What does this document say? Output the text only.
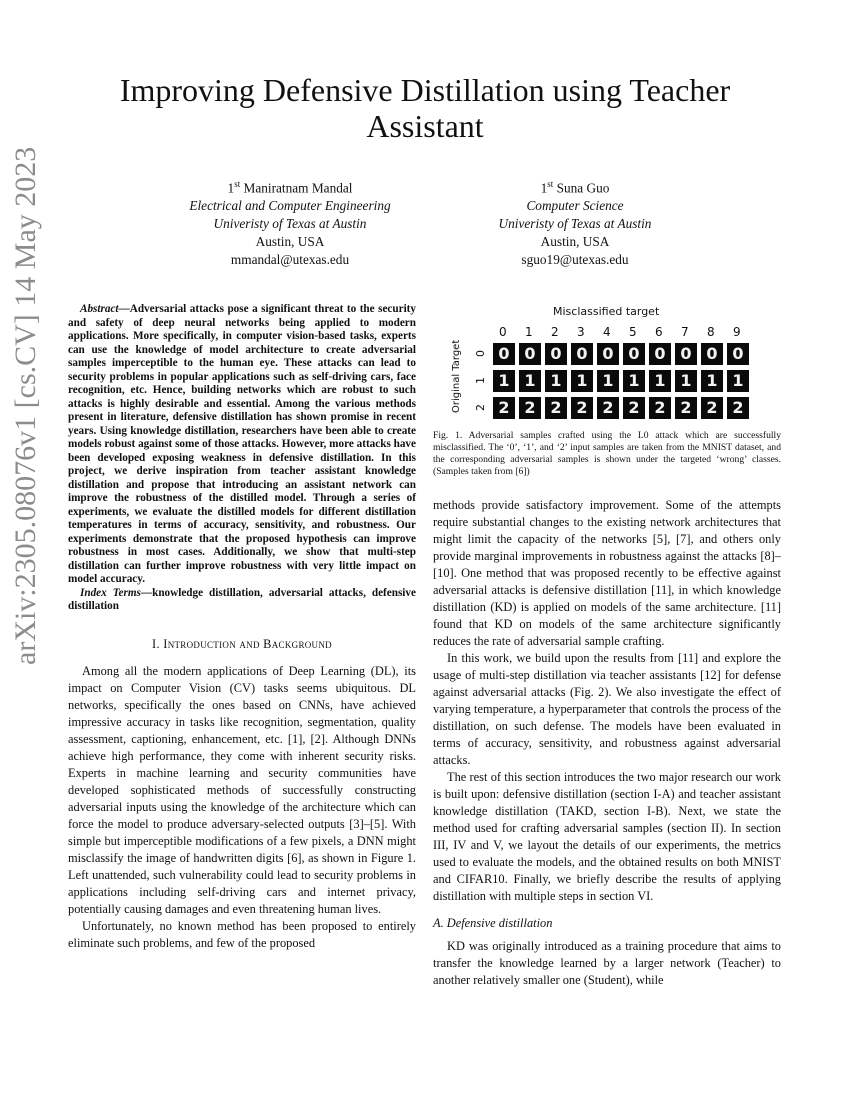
arXiv:2305.08076v1 [cs.CV] 14 May 2023
Improving Defensive Distillation using Teacher Assistant
1st Maniratnam Mandal
Electrical and Computer Engineering
Univeristy of Texas at Austin
Austin, USA
mmandal@utexas.edu
1st Suna Guo
Computer Science
Univeristy of Texas at Austin
Austin, USA
sguo19@utexas.edu

Abstract—Adversarial attacks pose a significant threat to the security and safety of deep neural networks being applied to modern applications. More specifically, in computer vision-based tasks, experts can use the knowledge of model architecture to create adversarial samples imperceptible to the human eye. These attacks can lead to security problems in popular applications such as self-driving cars, face recognition, etc. Hence, building networks which are robust to such attacks is highly desirable and essential. Among the various methods present in literature, defensive distillation has shown promise in recent years. Using knowledge distillation, researchers have been able to create models robust against some of those attacks. However, more attacks have been developed exposing weakness in defensive distillation. In this project, we derive inspiration from teacher assistant knowledge distillation and propose that introducing an assistant network can improve the robustness of the distilled model. Through a series of experiments, we evaluate the distilled models for different distillation temperatures in terms of accuracy, sensitivity, and robustness. Our experiments demonstrate that the proposed hypothesis can improve robustness in most cases. Additionally, we show that multi-step distillation can further improve robustness with very little impact on model accuracy.

Index Terms—knowledge distillation, adversarial attacks, defensive distillation

I. Introduction and Background

Among all the modern applications of Deep Learning (DL), its impact on Computer Vision (CV) tasks seems ubiquitous. DL networks, specifically the ones based on CNNs, have achieved impressive accuracy in tasks like recognition, segmentation, quality assessment, captioning, enhancement, etc. [1], [2]. Although DNNs achieve high performance, they come with inherent security risks. Experts in machine learning and security communities have developed sophisticated methods of successfully constructing adversarial inputs using the knowledge of the architecture which can force the model to produce adversary-selected outputs [3]–[5]. With simple but imperceptible modifications of a few pixels, a DNN might misclassify the image of handwritten digits [6], as shown in Figure 1. Left unattended, such vulnerability could lead to security problems in applications including self-driving cars and internet privacy, potentially causing damages and even threatening human lives.

Unfortunately, no known method has been proposed to entirely eliminate such problems, and few of the proposed

Misclassified target
0 1 2 3 4 5 6 7 8 9
Original Target 0
1
2
0 0 0 0 0 0 0 0 0 0
1 1 1 1 1 1 1 1 1 1
2 2 2 2 2 2 2 2 2 2
Fig. 1. Adversarial samples crafted using the L0 attack which are successfully misclassified. The ‘0’, ‘1’, and ‘2’ input samples are taken from the MNIST dataset, and the corresponding adversarial samples is shown under the targeted ‘wrong’ classes. (Samples taken from [6])

methods provide satisfactory improvement. Some of the attempts require substantial changes to the existing network architectures that might limit the capacity of the networks [5], [7], and others only provide marginal improvements in robustness against the attacks [8]–[10]. One method that was proposed recently to be effective against adversarial attacks is defensive distillation [11], in which knowledge distillation (KD) is applied on models of the same architecture. [11] found that KD on models of the same architecture significantly reduces the rate of adversarial sample crafting.

In this work, we build upon the results from [11] and explore the usage of multi-step distillation via teacher assistants [12] for defense against adversarial attacks (Fig. 2). We also investigate the effect of varying temperature, a hyperparameter that controls the process of the distillation, on such defense. The models have been evaluated in terms of accuracy, sensitivity, and robustness against adversarial attacks.

The rest of this section introduces the two major research our work is built upon: defensive distillation (section I-A) and teacher assistant knowledge distillation (TAKD, section I-B). Next, we state the method used for crafting adversarial samples (section II). In section III, IV and V, we layout the details of our experiments, the metrics used to evaluate the models, and the obtained results on both MNIST and CIFAR10. Finally, we briefly describe the results of applying distillation with multiple steps in section VI.

A. Defensive distillation

KD was originally introduced as a training procedure that aims to transfer the knowledge learned by a larger network (Teacher) to another relatively smaller one (Student), while
